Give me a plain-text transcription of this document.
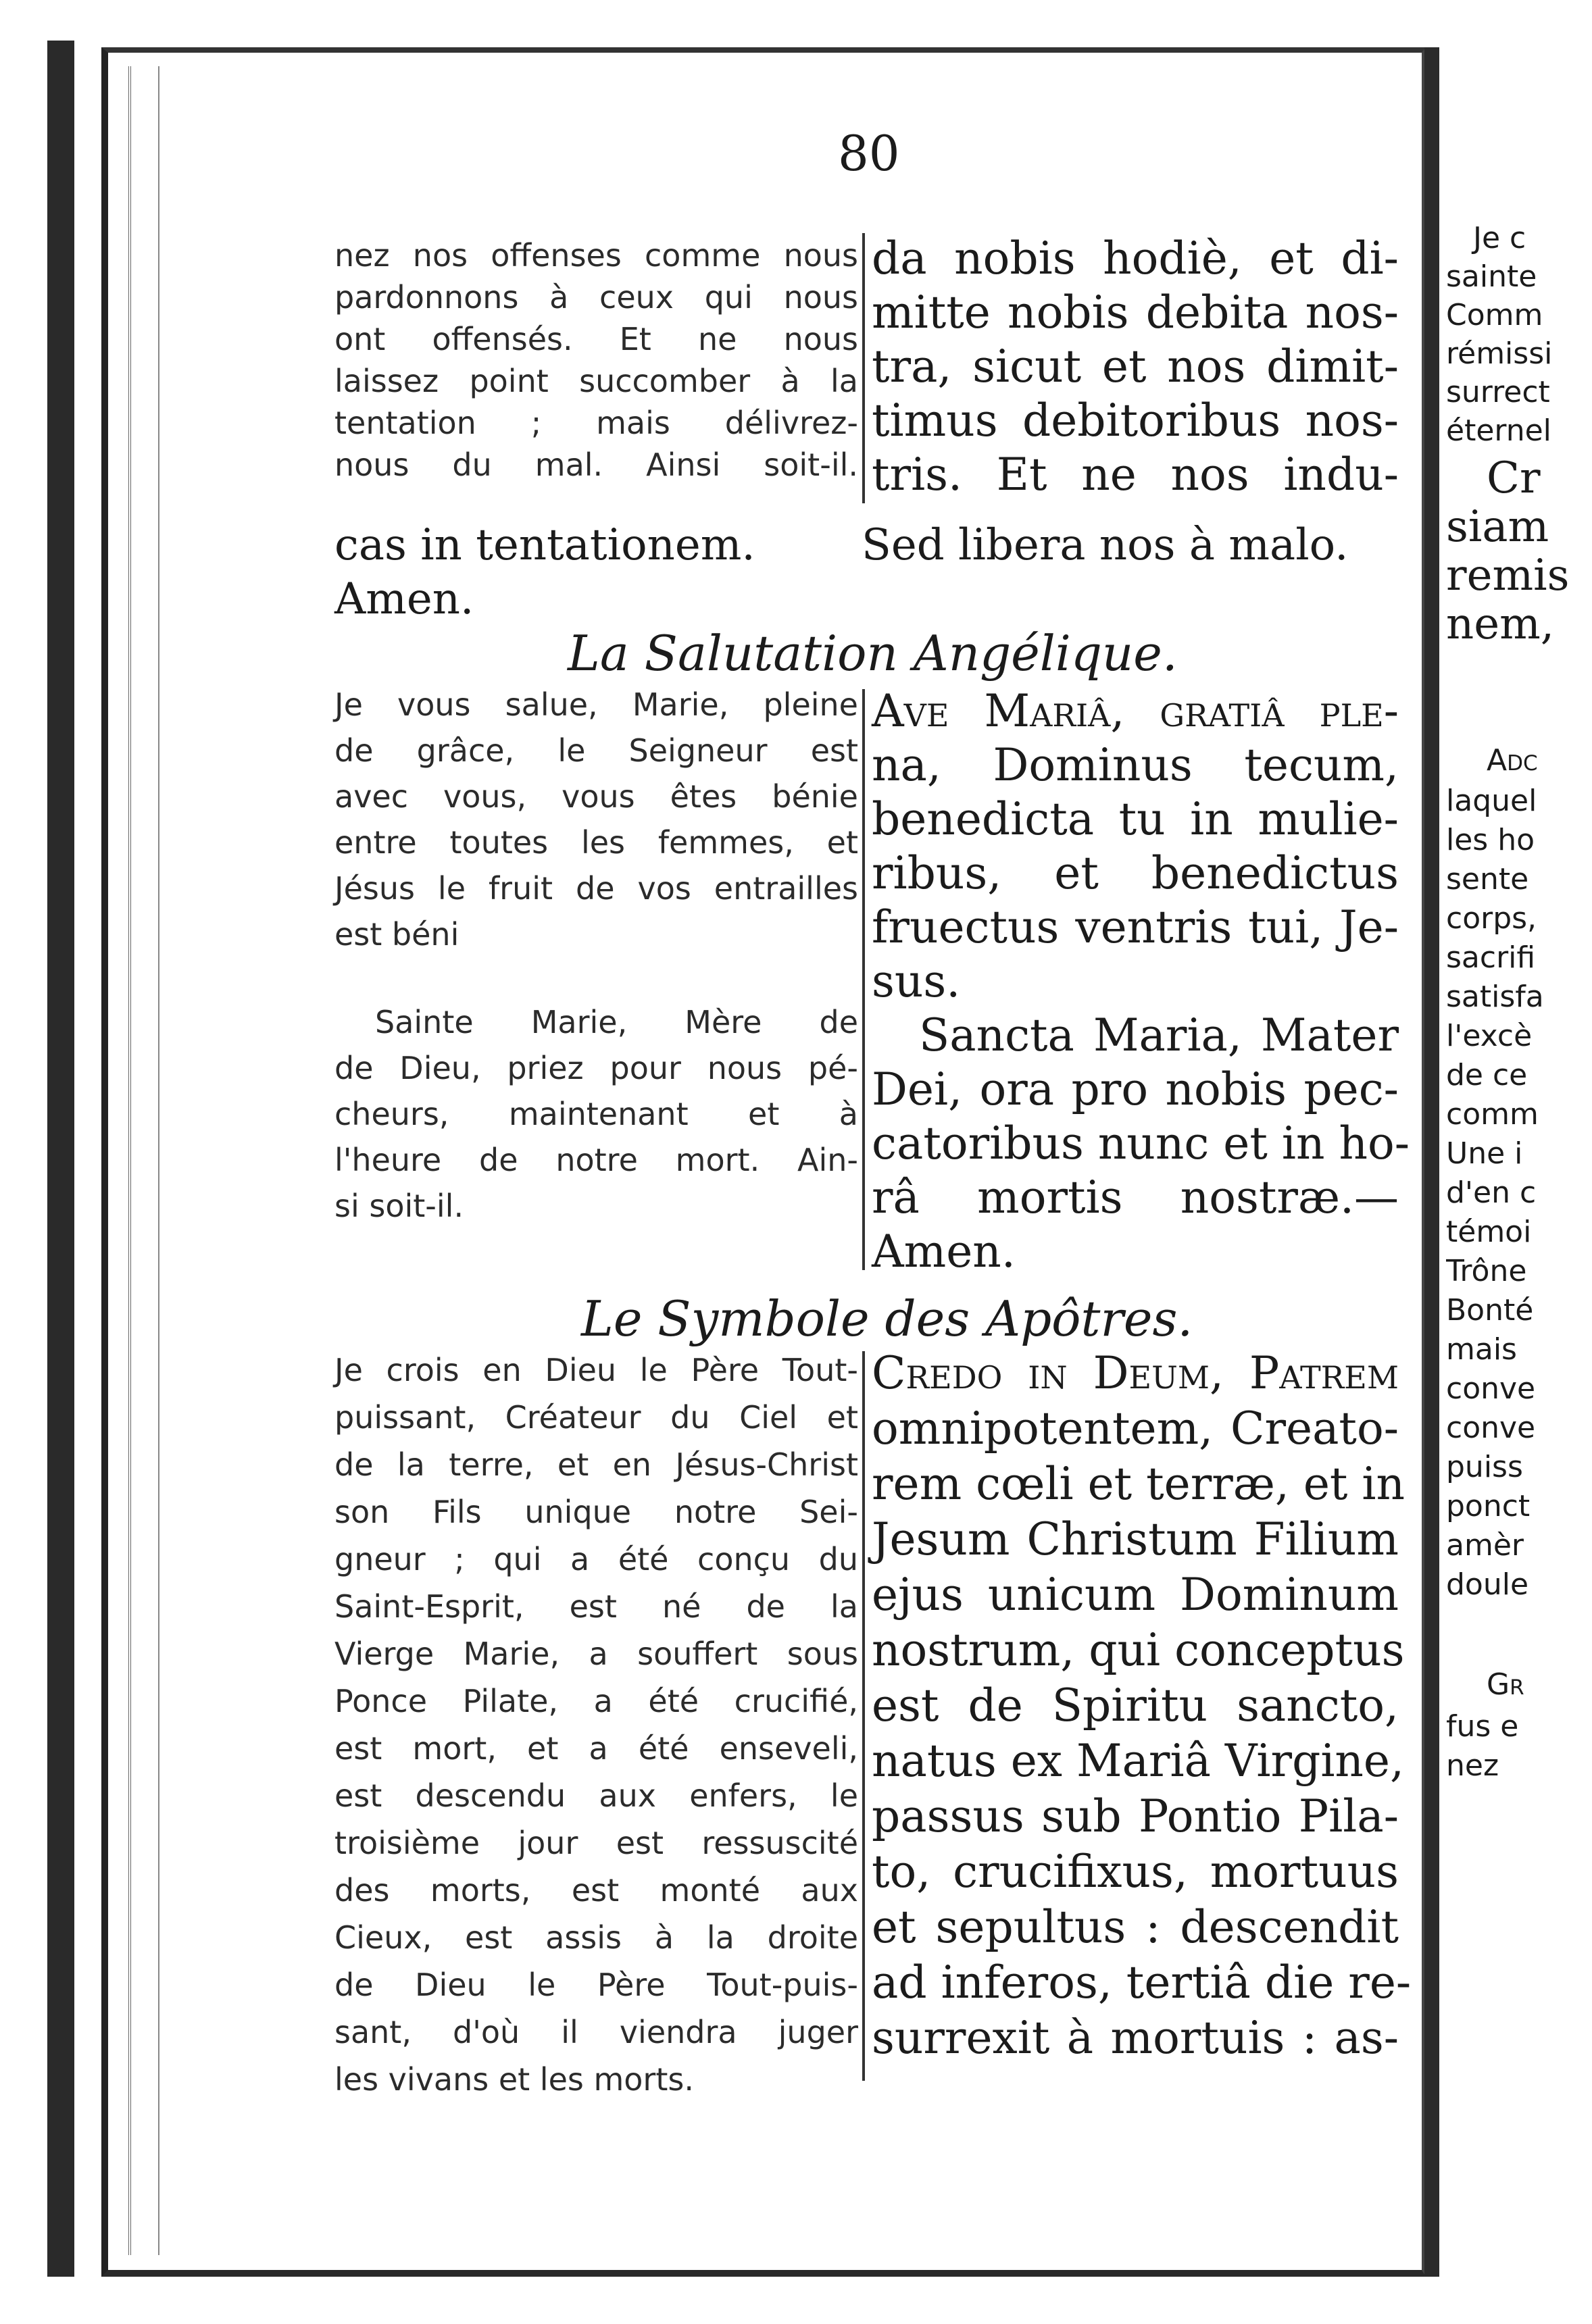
80
nez nos offenses comme nous
pardonnons à ceux qui nous
ont offensés. Et ne nous
laissez point succomber à la
tentation ; mais délivrez-
nous du mal. Ainsi soit-il.
da nobis hodiè, et di-
mitte nobis debita nos-
tra, sicut et nos dimit-
timus debitoribus nos-
tris. Et ne nos indu-
cas in tentationem. Sed libera nos à malo.
Amen.
La Salutation Angélique.
Je vous salue, Marie, pleine
de grâce, le Seigneur est
avec vous, vous êtes bénie
entre toutes les femmes, et
Jésus le fruit de vos entrailles
est béni
Sainte Marie, Mère de
de Dieu, priez pour nous pé-
cheurs, maintenant et à
l'heure de notre mort. Ain-
si soit-il.
Ave Mariâ, gratiâ ple-
na, Dominus tecum,
benedicta tu in mulie-
ribus, et benedictus
fruectus ventris tui, Je-
sus.
Sancta Maria, Mater
Dei, ora pro nobis pec-
catoribus nunc et in ho-
râ mortis nostræ.—
Amen.
Le Symbole des Apôtres.
Je crois en Dieu le Père Tout-
puissant, Créateur du Ciel et
de la terre, et en Jésus-Christ
son Fils unique notre Sei-
gneur ; qui a été conçu du
Saint-Esprit, est né de la
Vierge Marie, a souffert sous
Ponce Pilate, a été crucifié,
est mort, et a été enseveli,
est descendu aux enfers, le
troisième jour est ressuscité
des morts, est monté aux
Cieux, est assis à la droite
de Dieu le Père Tout-puis-
sant, d'où il viendra juger
les vivans et les morts.
Credo in Deum, Patrem
omnipotentem, Creato-
rem cœli et terræ, et in
Jesum Christum Filium
ejus unicum Dominum
nostrum, qui conceptus
est de Spiritu sancto,
natus ex Mariâ Virgine,
passus sub Pontio Pila-
to, crucifixus, mortuus
et sepultus : descendit
ad inferos, tertiâ die re-
surrexit à mortuis : as-
Je c
sainte
Comm
rémissi
surrect
éternel
Cr
siam
remis
nem,
Adc
laquel
les ho
sente
corps,
sacrifi
satisfa
l'excè
de ce
comm
Une i
d'en c
témoi
Trône
Bonté
mais
conve
conve
puiss
ponct
amèr
doule
Gr
fus e
nez
